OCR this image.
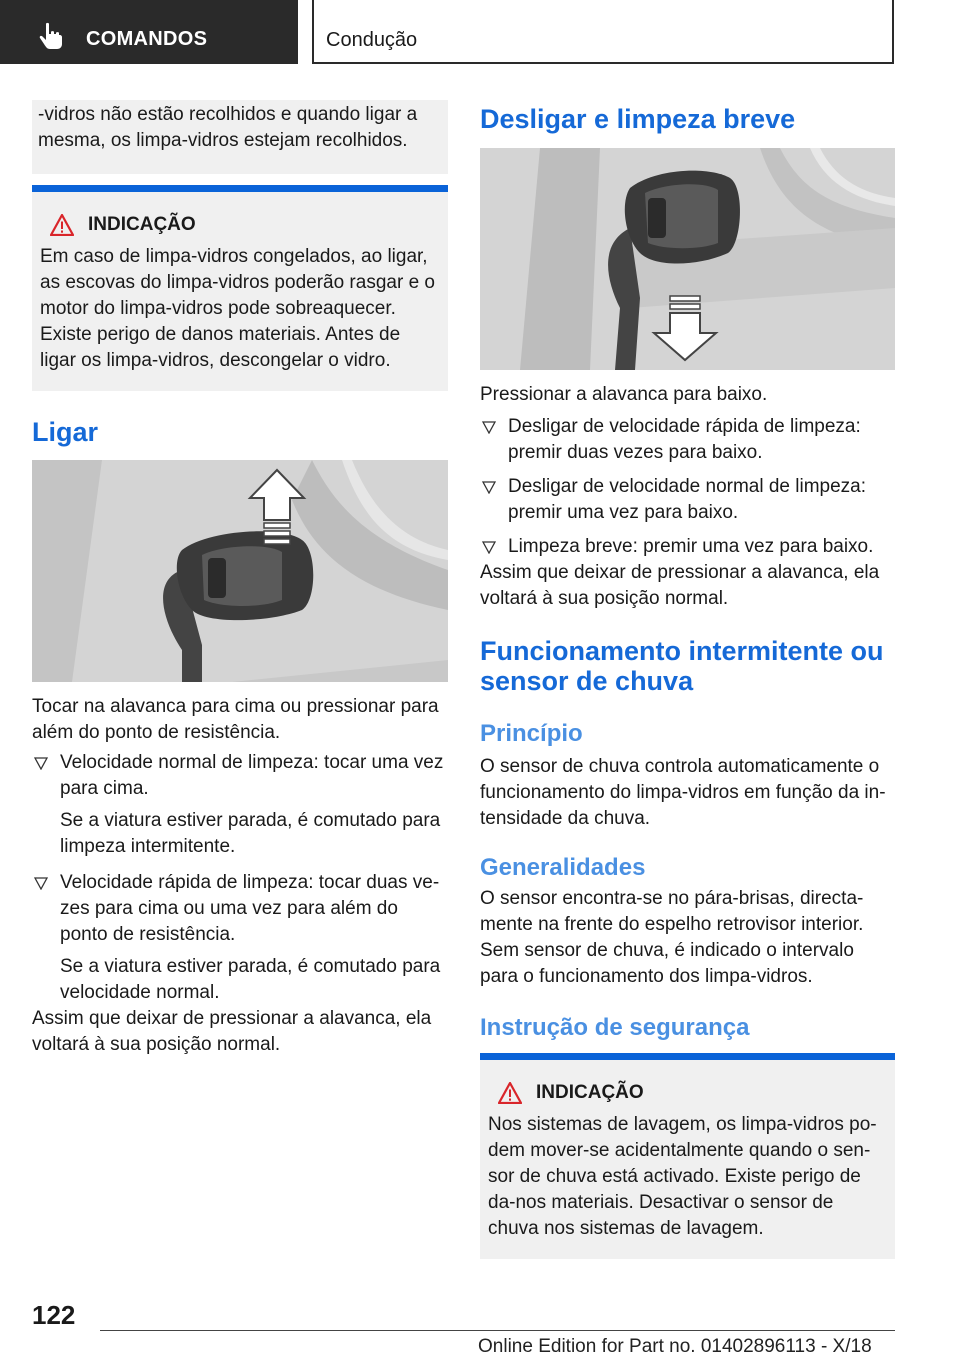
COMANDOS	Condução

-vidros não estão recolhidos e quando ligar a mesma, os limpa-vidros estejam recolhidos.

INDICAÇÃO

Em caso de limpa-vidros congelados, ao ligar, as escovas do limpa-vidros poderão rasgar e o motor do limpa-vidros pode sobreaquecer. Existe perigo de danos materiais. Antes de ligar os limpa-vidros, descongelar o vidro.

Ligar

Tocar na alavanca para cima ou pressionar para além do ponto de resistência.

Velocidade normal de limpeza: tocar uma vez para cima.
Se a viatura estiver parada, é comutado para limpeza intermitente.
Velocidade rápida de limpeza: tocar duas ve-zes para cima ou uma vez para além do ponto de resistência.
Se a viatura estiver parada, é comutado para velocidade normal.

Assim que deixar de pressionar a alavanca, ela voltará à sua posição normal.

Desligar e limpeza breve

Pressionar a alavanca para baixo.

Desligar de velocidade rápida de limpeza: premir duas vezes para baixo.
Desligar de velocidade normal de limpeza: premir uma vez para baixo.
Limpeza breve: premir uma vez para baixo.

Assim que deixar de pressionar a alavanca, ela voltará à sua posição normal.

Funcionamento intermitente ou sensor de chuva
Princípio

O sensor de chuva controla automaticamente o funcionamento do limpa-vidros em função da in-tensidade da chuva.

Generalidades

O sensor encontra-se no pára-brisas, directa-mente na frente do espelho retrovisor interior. Sem sensor de chuva, é indicado o intervalo para o funcionamento dos limpa-vidros.

Instrução de segurança
INDICAÇÃO

Nos sistemas de lavagem, os limpa-vidros po-dem mover-se acidentalmente quando o sen-sor de chuva está activado. Existe perigo de da-nos materiais. Desactivar o sensor de chuva nos sistemas de lavagem.

122
Online Edition for Part no. 01402896113 - X/18
